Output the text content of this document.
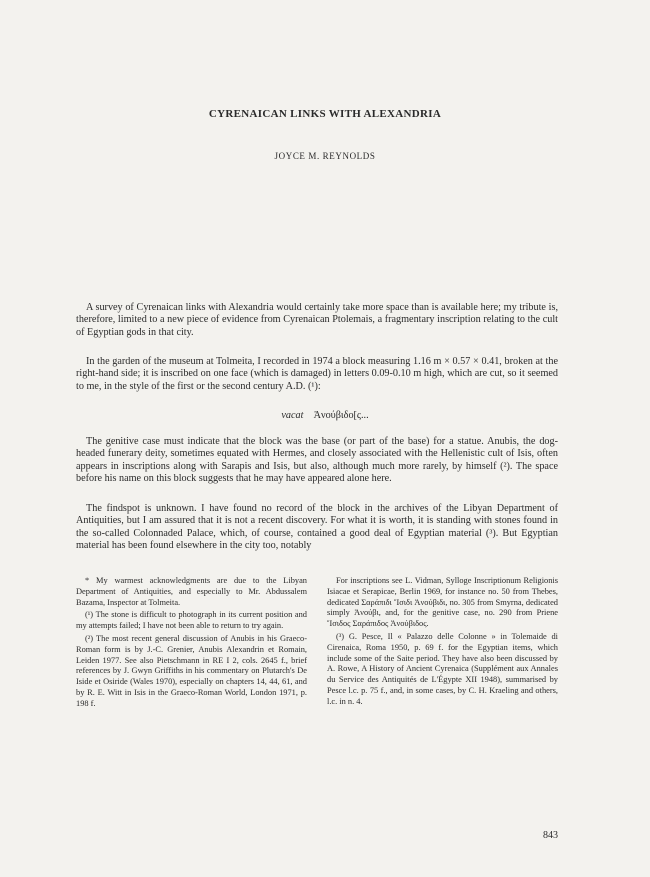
CYRENAICAN LINKS WITH ALEXANDRIA
JOYCE M. REYNOLDS

A survey of Cyrenaican links with Alexandria would certainly take more space than is available here; my tribute is, therefore, limited to a new piece of evidence from Cyrenaican Ptolemais, a fragmentary inscription relating to the cult of Egyptian gods in that city.

In the garden of the museum at Tolmeita, I recorded in 1974 a block measuring 1.16 m × 0.57 × 0.41, broken at the right-hand side; it is inscribed on one face (which is damaged) in letters 0.09-0.10 m high, which are cut, so it seemed to me, in the style of the first or the second century A.D. (¹):

vacat Ἀνούβιδο[ς...

The genitive case must indicate that the block was the base (or part of the base) for a statue. Anubis, the dog-headed funerary deity, sometimes equated with Hermes, and closely associated with the Hellenistic cult of Isis, often appears in inscriptions along with Sarapis and Isis, but also, although much more rarely, by himself (²). The space before his name on this block suggests that he may have appeared alone here.

The findspot is unknown. I have found no record of the block in the archives of the Libyan Department of Antiquities, but I am assured that it is not a recent discovery. For what it is worth, it is standing with stones found in the so-called Colonnaded Palace, which, of course, contained a good deal of Egyptian material (³). But Egyptian material has been found elsewhere in the city too, notably

* My warmest acknowledgments are due to the Libyan Department of Antiquities, and especially to Mr. Abdussalem Bazama, Inspector at Tolmeita.

(¹) The stone is difficult to photograph in its current position and my attempts failed; I have not been able to return to try again.

(²) The most recent general discussion of Anubis in his Graeco-Roman form is by J.-C. Grenier, Anubis Alexandrin et Romain, Leiden 1977. See also Pietschmann in RE I 2, cols. 2645 f., brief references by J. Gwyn Griffiths in his commentary on Plutarch's De Iside et Osiride (Wales 1970), especially on chapters 14, 44, 61, and by R. E. Witt in Isis in the Graeco-Roman World, London 1971, p. 198 f.

For inscriptions see L. Vidman, Sylloge Inscriptionum Religionis Isiacae et Serapicae, Berlin 1969, for instance no. 50 from Thebes, dedicated Σαράπιδι Ἴσιδι Ἀνούβιδι, no. 305 from Smyrna, dedicated simply Ἀνούβι, and, for the genitive case, no. 290 from Priene Ἴσιδος Σαράπιδος Ἀνούβιδος.

(³) G. Pesce, Il « Palazzo delle Colonne » in Tolemaide di Cirenaica, Roma 1950, p. 69 f. for the Egyptian items, which include some of the Saite period. They have also been discussed by A. Rowe, A History of Ancient Cyrenaica (Supplément aux Annales du Service des Antiquités de L'Égypte XII 1948), summarised by Pesce l.c. p. 75 f., and, in some cases, by C. H. Kraeling and others, l.c. in n. 4.

843
